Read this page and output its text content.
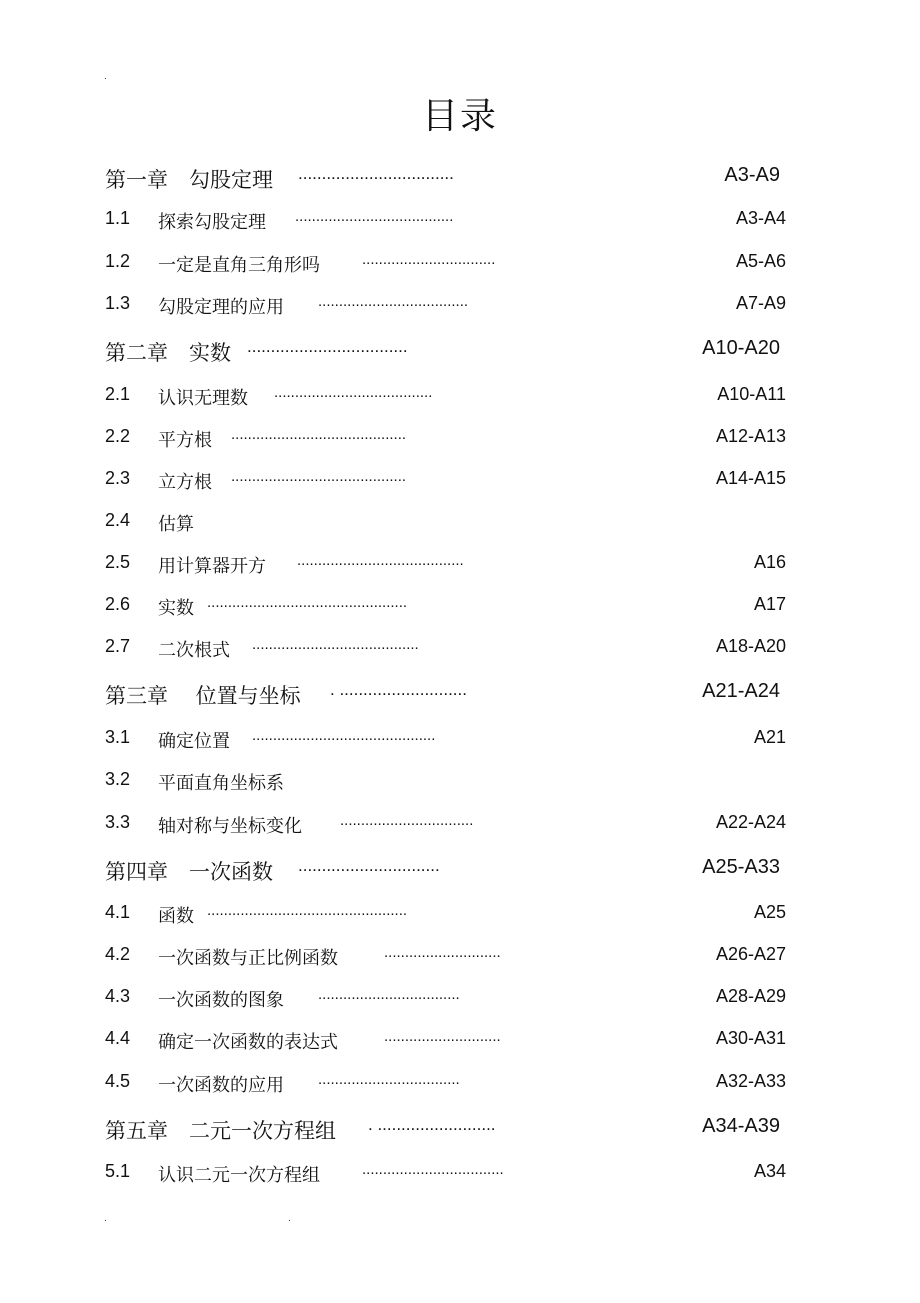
.
目录
第一章　勾股定理 .................................	A3-A9
1.1 探索勾股定理 ......................................	A3-A4
1.2 一定是直角三角形吗	................................	A5-A6
1.3 勾股定理的应用 ....................................	A7-A9
第二章　实数 ..................................	A10-A20
2.1 认识无理数 ......................................	A10-A11
2.2 平方根 ..........................................	A12-A13
2.3 立方根 ..........................................	A14-A15
2.4 估算
2.5 用计算器开方 ........................................	A16
2.6 实数 ................................................	A17
2.7 二次根式 ........................................	A18-A20
第三章　 位置与坐标 . ...........................	A21-A24
3.1 确定位置 ............................................	A21
3.2 平面直角坐标系
3.3 轴对称与坐标变化	................................	A22-A24
第四章　一次函数 ..............................	A25-A33
4.1 函数 ................................................	A25
4.2 一次函数与正比例函数	............................	A26-A27
4.3 一次函数的图象 ..................................	A28-A29
4.4 确定一次函数的表达式	............................	A30-A31
4.5 一次函数的应用 ..................................	A32-A33
第五章　二元一次方程组 . .........................	A34-A39
5.1 认识二元一次方程组	..................................	A34
.	.
